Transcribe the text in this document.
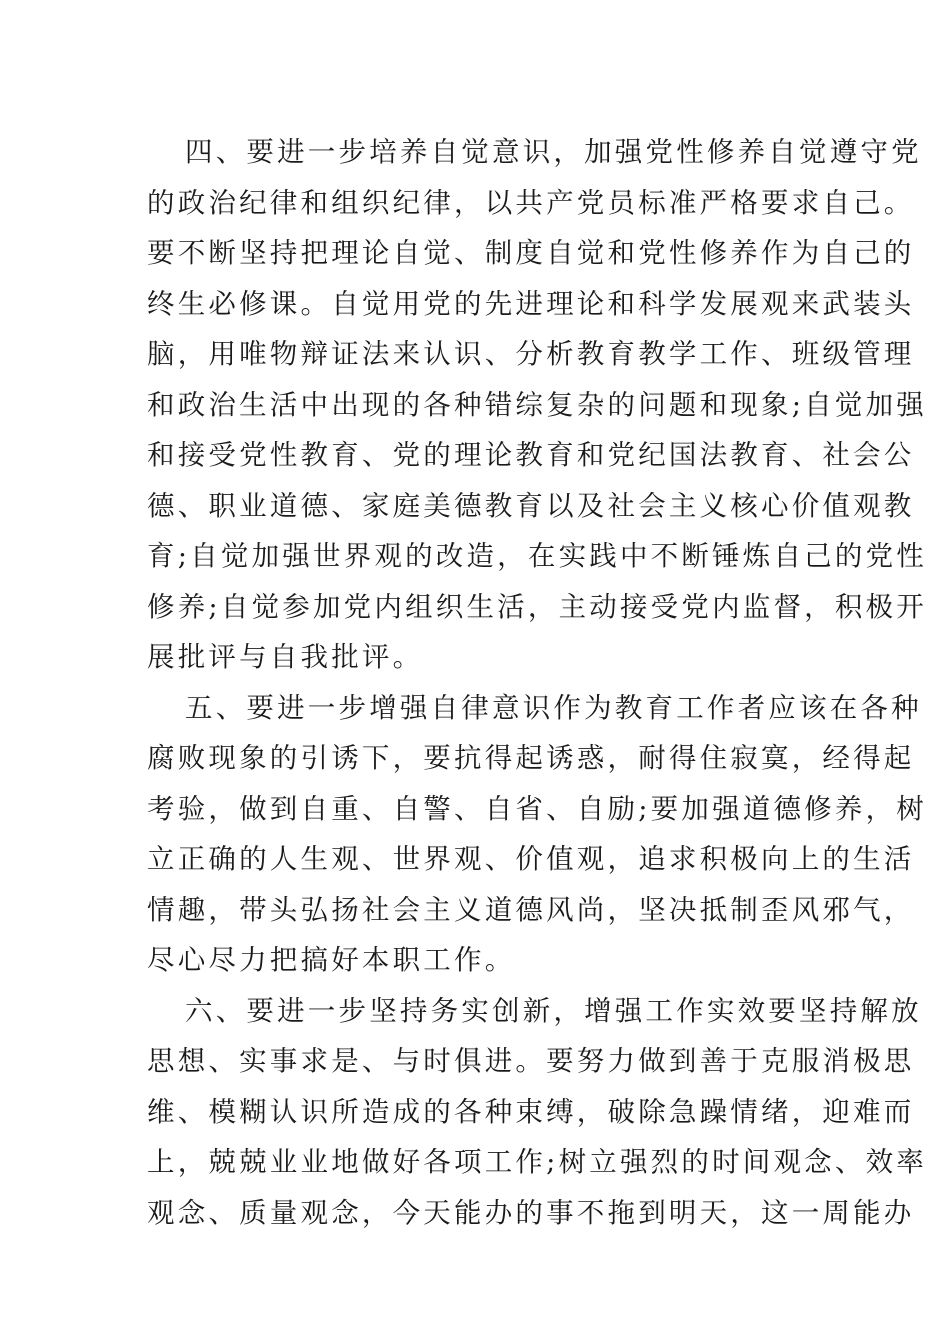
四、要进一步培养自觉意识，加强党性修养自觉遵守党
的政治纪律和组织纪律，以共产党员标准严格要求自己。
要不断坚持把理论自觉、制度自觉和党性修养作为自己的
终生必修课。自觉用党的先进理论和科学发展观来武装头
脑，用唯物辩证法来认识、分析教育教学工作、班级管理
和政治生活中出现的各种错综复杂的问题和现象;自觉加强
和接受党性教育、党的理论教育和党纪国法教育、社会公
德、职业道德、家庭美德教育以及社会主义核心价值观教
育;自觉加强世界观的改造，在实践中不断锤炼自己的党性
修养;自觉参加党内组织生活，主动接受党内监督，积极开
展批评与自我批评。
五、要进一步增强自律意识作为教育工作者应该在各种
腐败现象的引诱下，要抗得起诱惑，耐得住寂寞，经得起
考验，做到自重、自警、自省、自励;要加强道德修养，树
立正确的人生观、世界观、价值观，追求积极向上的生活
情趣，带头弘扬社会主义道德风尚，坚决抵制歪风邪气，
尽心尽力把搞好本职工作。
六、要进一步坚持务实创新，增强工作实效要坚持解放
思想、实事求是、与时俱进。要努力做到善于克服消极思
维、模糊认识所造成的各种束缚，破除急躁情绪，迎难而
上，兢兢业业地做好各项工作;树立强烈的时间观念、效率
观念、质量观念，今天能办的事不拖到明天，这一周能办
